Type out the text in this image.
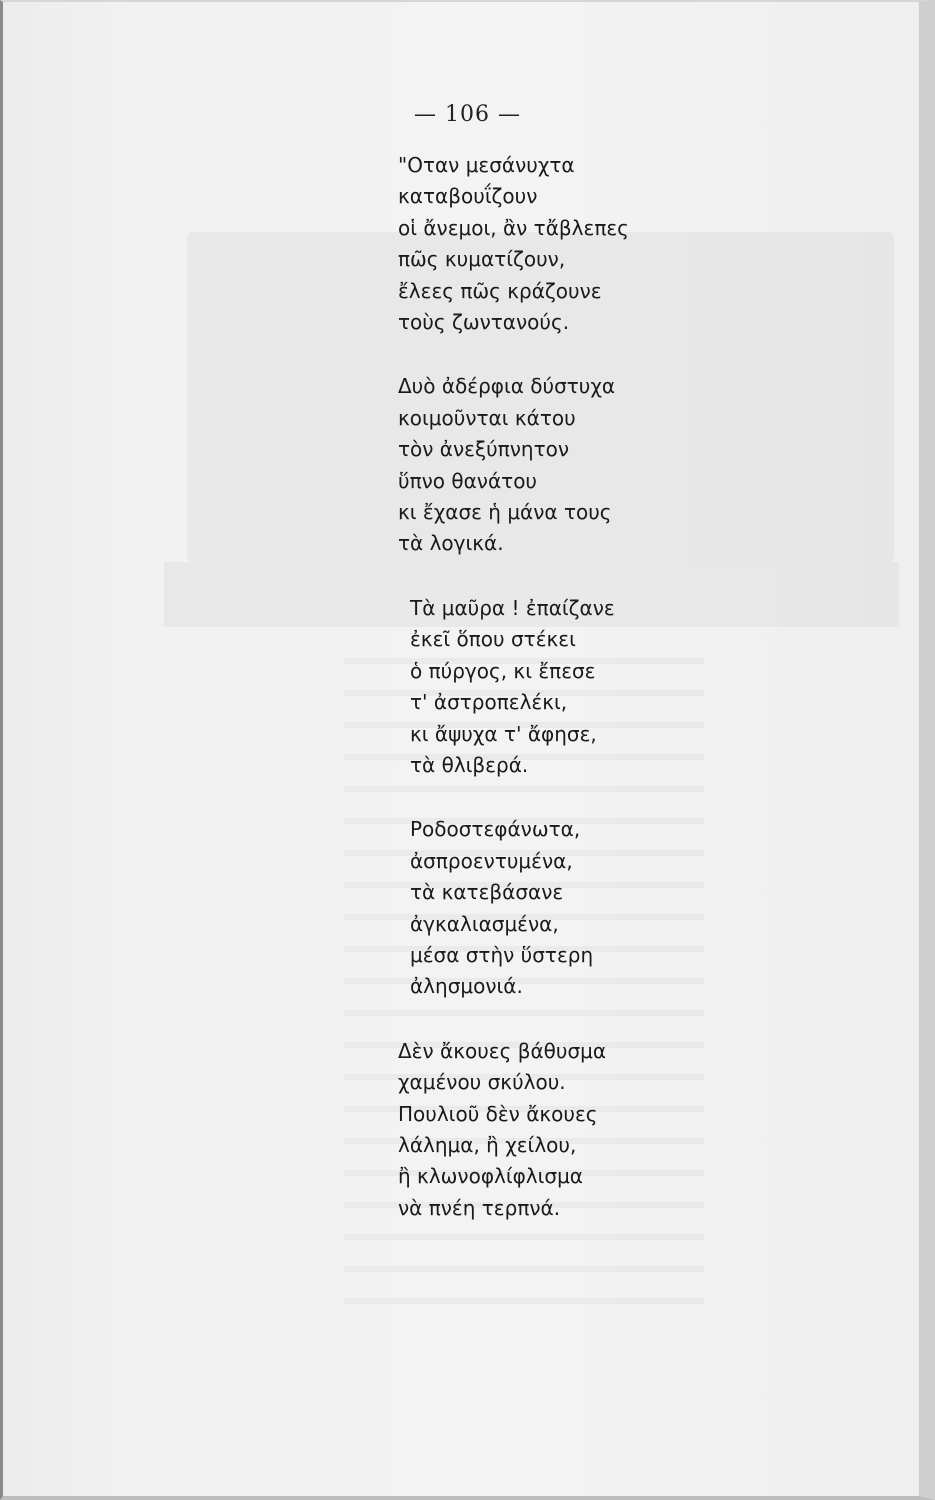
— 106 —
"Οταν μεσάνυχτα
καταβουΐζουν
οἱ ἄνεμοι, ἂν τἄβλεπες
πῶς κυματίζουν,
ἔλεες πῶς κράζουνε
τοὺς ζωντανούς.
Δυὸ ἀδέρφια δύστυχα
κοιμοῦνται κάτου
τὸν ἀνεξύπνητον
ὕπνο θανάτου
κι ἔχασε ἡ μάνα τους
τὰ λογικά.
Τὰ μαῦρα ! ἐπαίζανε
ἐκεῖ ὅπου στέκει
ὁ πύργος, κι ἔπεσε
τ' ἀστροπελέκι,
κι ἄψυχα τ' ἄφησε,
τὰ θλιβερά.
Ροδοστεφάνωτα,
ἀσπροεντυμένα,
τὰ κατεβάσανε
ἀγκαλιασμένα,
μέσα στὴν ὕστερη
ἀλησμονιά.
Δὲν ἄκουες βάθυσμα
χαμένου σκύλου.
Πουλιοῦ δὲν ἄκουες
λάλημα, ἢ χείλου,
ἢ κλωνοφλίφλισμα
νὰ πνέη τερπνά.
